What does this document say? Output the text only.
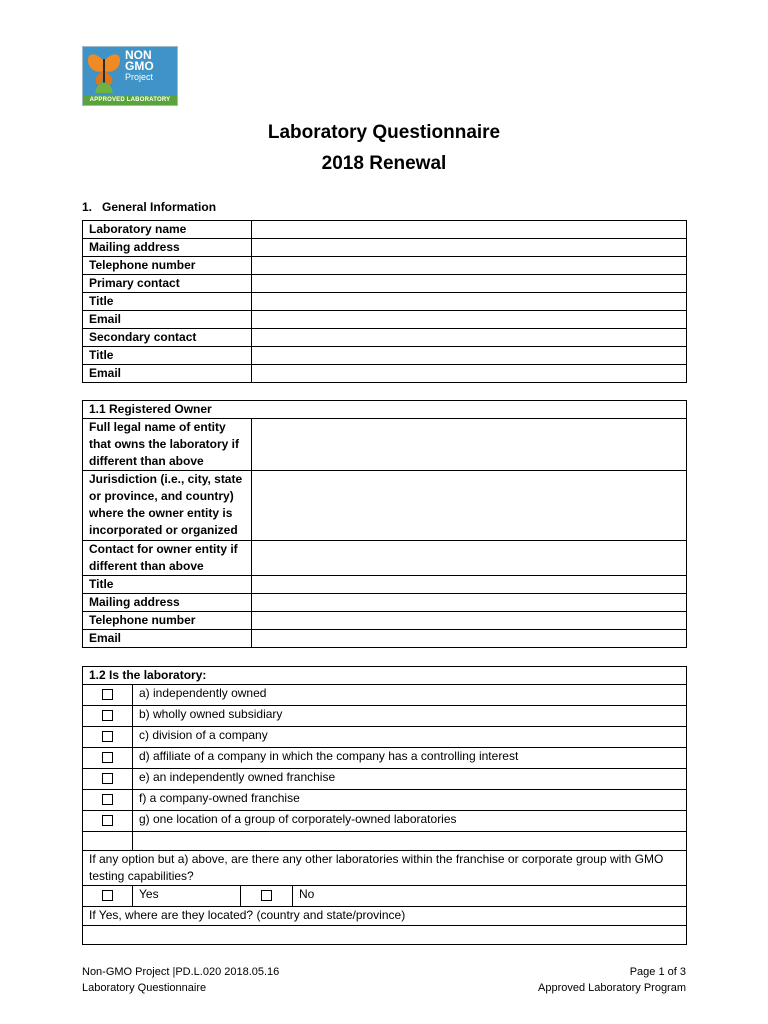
NON
GMO
Project
APPROVED LABORATORY
Laboratory Questionnaire
2018 Renewal
1. General Information
Laboratory name	
Mailing address	
Telephone number	
Primary contact	
Title	
Email	
Secondary contact	
Title	
Email	
1.1 Registered Owner	
Full legal name of entity that owns the laboratory if different than above	
Jurisdiction (i.e., city, state or province, and country) where the owner entity is incorporated or organized	
Contact for owner entity if different than above	
Title	
Mailing address	
Telephone number	
Email	
1.2 Is the laboratory:			
	a) independently owned		
	b) wholly owned subsidiary		
	c) division of a company		
	d) affiliate of a company in which the company has a controlling interest		
	e) an independently owned franchise		
	f) a company-owned franchise		
	g) one location of a group of corporately-owned laboratories		

If any option but a) above, are there any other laboratories within the franchise or corporate group with GMO testing capabilities?			
	Yes		No
If Yes, where are they located? (country and state/province)			

Non-GMO Project |PD.L.020 2018.05.16
Laboratory Questionnaire
Page 1 of 3
Approved Laboratory Program
